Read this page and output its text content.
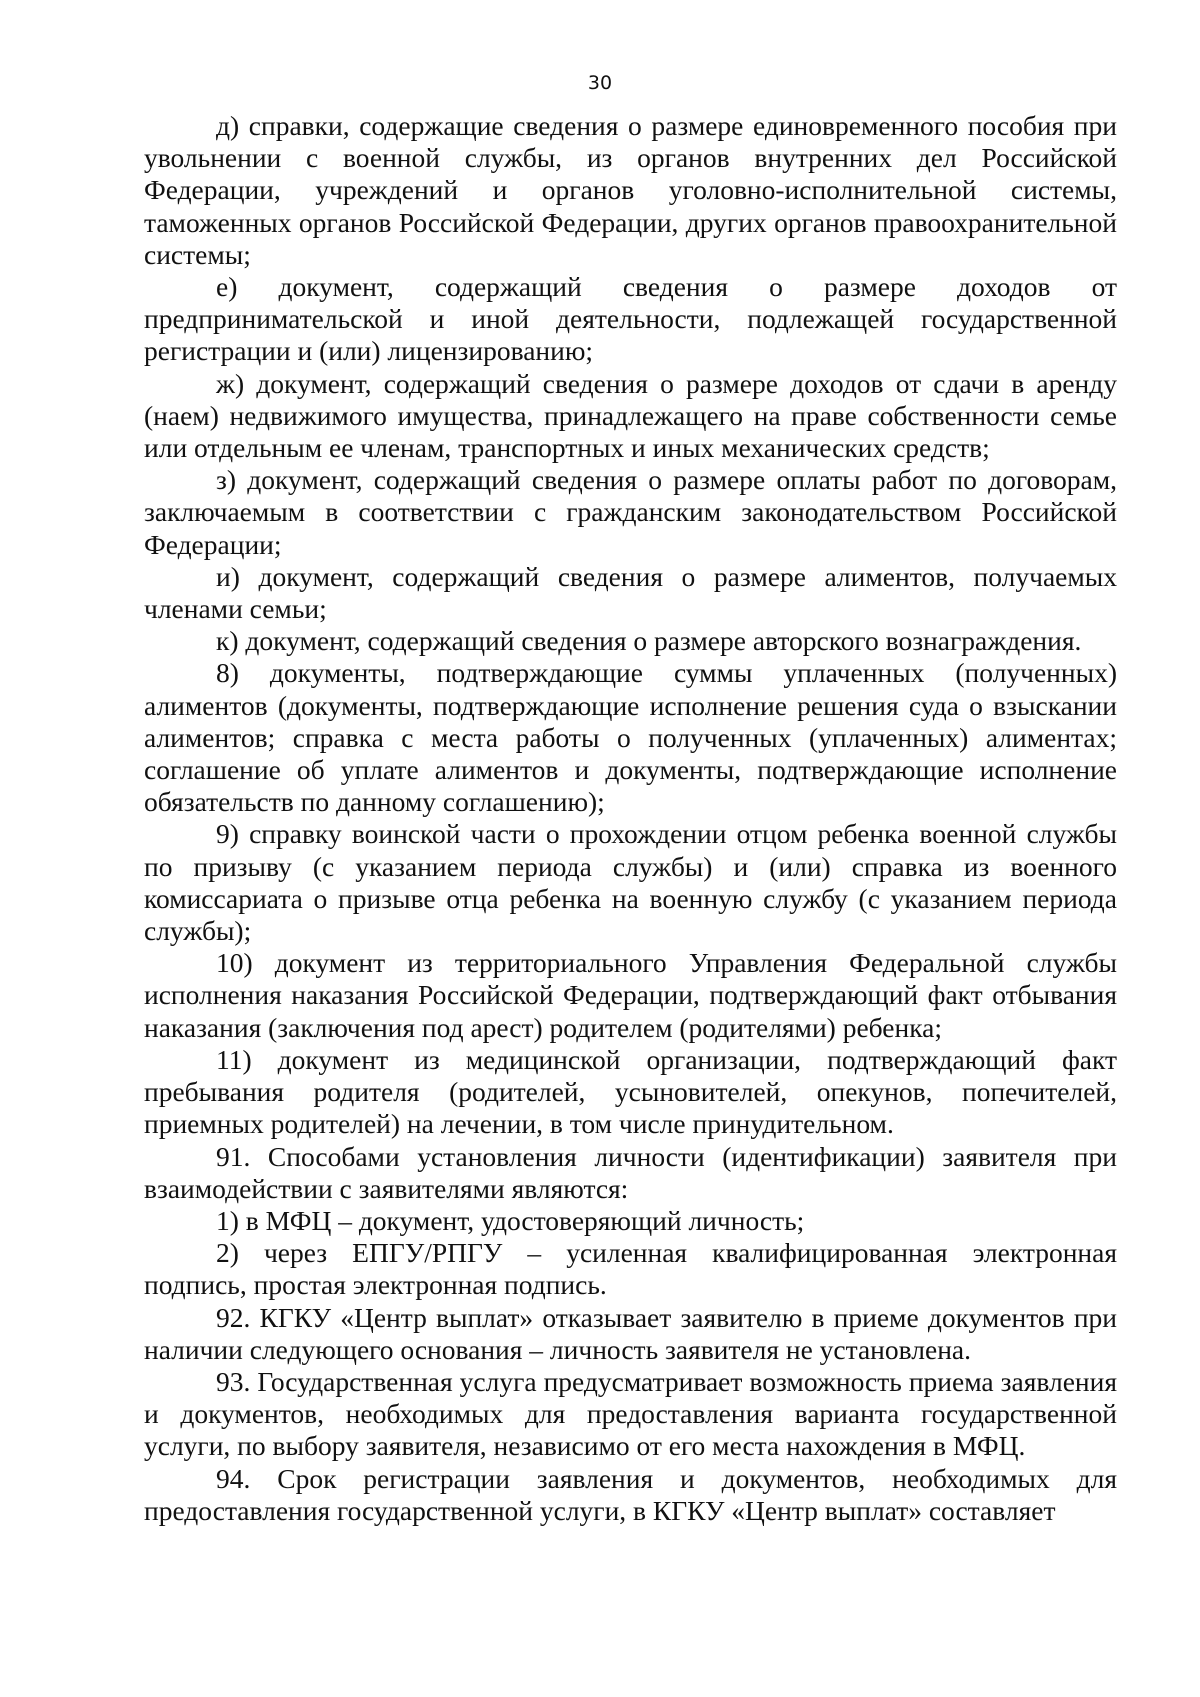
30

д) справки, содержащие сведения о размере единовременного пособия при увольнении с военной службы, из органов внутренних дел Российской Федерации, учреждений и органов уголовно-исполнительной системы, таможенных органов Российской Федерации, других органов правоохранительной системы;

е) документ, содержащий сведения о размере доходов от предпринимательской и иной деятельности, подлежащей государственной регистрации и (или) лицензированию;

ж) документ, содержащий сведения о размере доходов от сдачи в аренду (наем) недвижимого имущества, принадлежащего на праве собственности семье или отдельным ее членам, транспортных и иных механических средств;

з) документ, содержащий сведения о размере оплаты работ по договорам, заключаемым в соответствии с гражданским законодательством Российской Федерации;

и) документ, содержащий сведения о размере алиментов, получаемых членами семьи;

к) документ, содержащий сведения о размере авторского вознаграждения.

8) документы, подтверждающие суммы уплаченных (полученных) алиментов (документы, подтверждающие исполнение решения суда о взыскании алиментов; справка с места работы о полученных (уплаченных) алиментах; соглашение об уплате алиментов и документы, подтверждающие исполнение обязательств по данному соглашению);

9) справку воинской части о прохождении отцом ребенка военной службы по призыву (с указанием периода службы) и (или) справка из военного комиссариата о призыве отца ребенка на военную службу (с указанием периода службы);

10) документ из территориального Управления Федеральной службы исполнения наказания Российской Федерации, подтверждающий факт отбывания наказания (заключения под арест) родителем (родителями) ребенка;

11) документ из медицинской организации, подтверждающий факт пребывания родителя (родителей, усыновителей, опекунов, попечителей, приемных родителей) на лечении, в том числе принудительном.

91. Способами установления личности (идентификации) заявителя при взаимодействии с заявителями являются:

1) в МФЦ – документ, удостоверяющий личность;

2) через ЕПГУ/РПГУ – усиленная квалифицированная электронная подпись, простая электронная подпись.

92. КГКУ «Центр выплат» отказывает заявителю в приеме документов при наличии следующего основания – личность заявителя не установлена.

93. Государственная услуга предусматривает возможность приема заявления и документов, необходимых для предоставления варианта государственной услуги, по выбору заявителя, независимо от его места нахождения в МФЦ.

94. Срок регистрации заявления и документов, необходимых для предоставления государственной услуги, в КГКУ «Центр выплат» составляет
